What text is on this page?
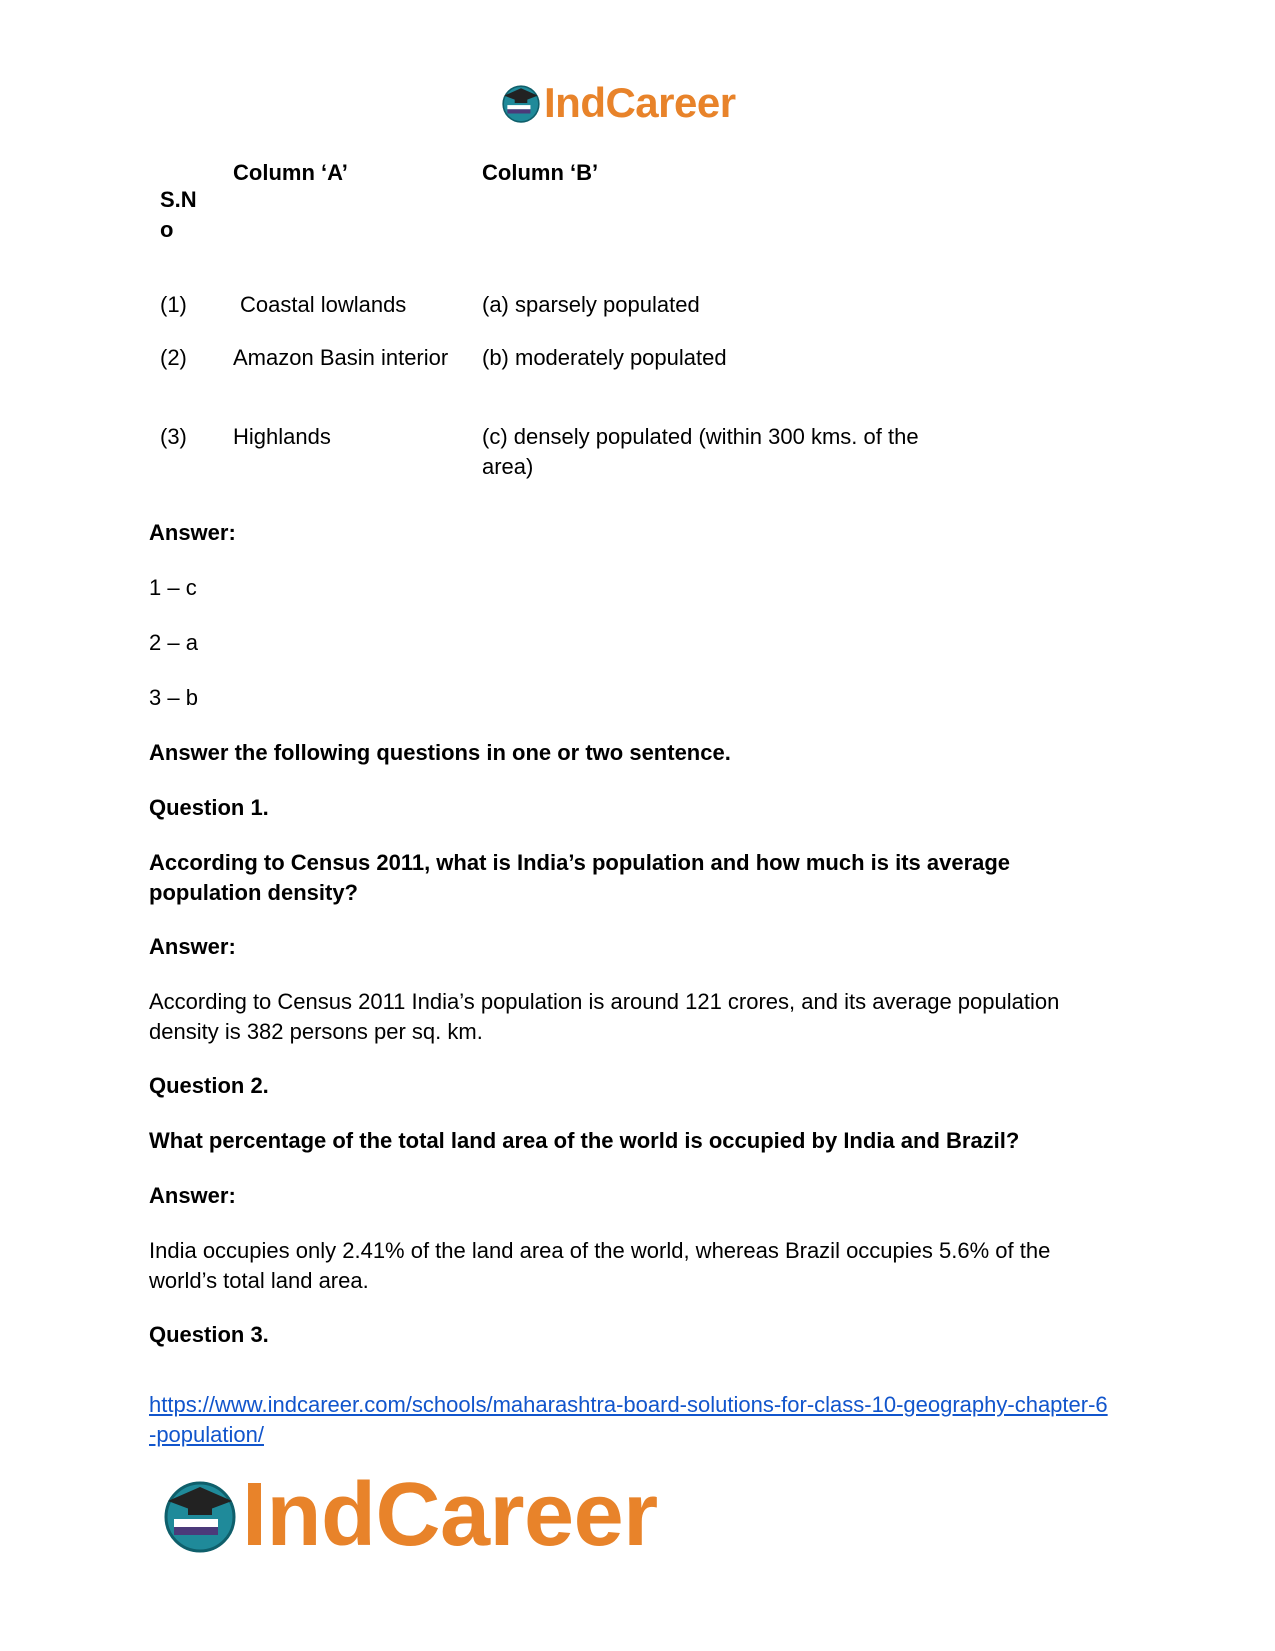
IndCareer
S.N
o
Column ‘A’	Column ‘B’
(1) Coastal lowlands	(a) sparsely populated
(2) Amazon Basin interior (b) moderately populated
(3) Highlands	(c) densely populated (within 300 kms. of the area)
Answer:
1 – c
2 – a
3 – b
Answer the following questions in one or two sentence.
Question 1.
According to Census 2011, what is India’s population and how much is its average population density?
Answer:
According to Census 2011 India’s population is around 121 crores, and its average population density is 382 persons per sq. km.
Question 2.
What percentage of the total land area of the world is occupied by India and Brazil?
Answer:
India occupies only 2.41% of the land area of the world, whereas Brazil occupies 5.6% of the world’s total land area.
Question 3.
https://www.indcareer.com/schools/maharashtra-board-solutions-for-class-10-geography-chapter-6-population/
IndCareer
